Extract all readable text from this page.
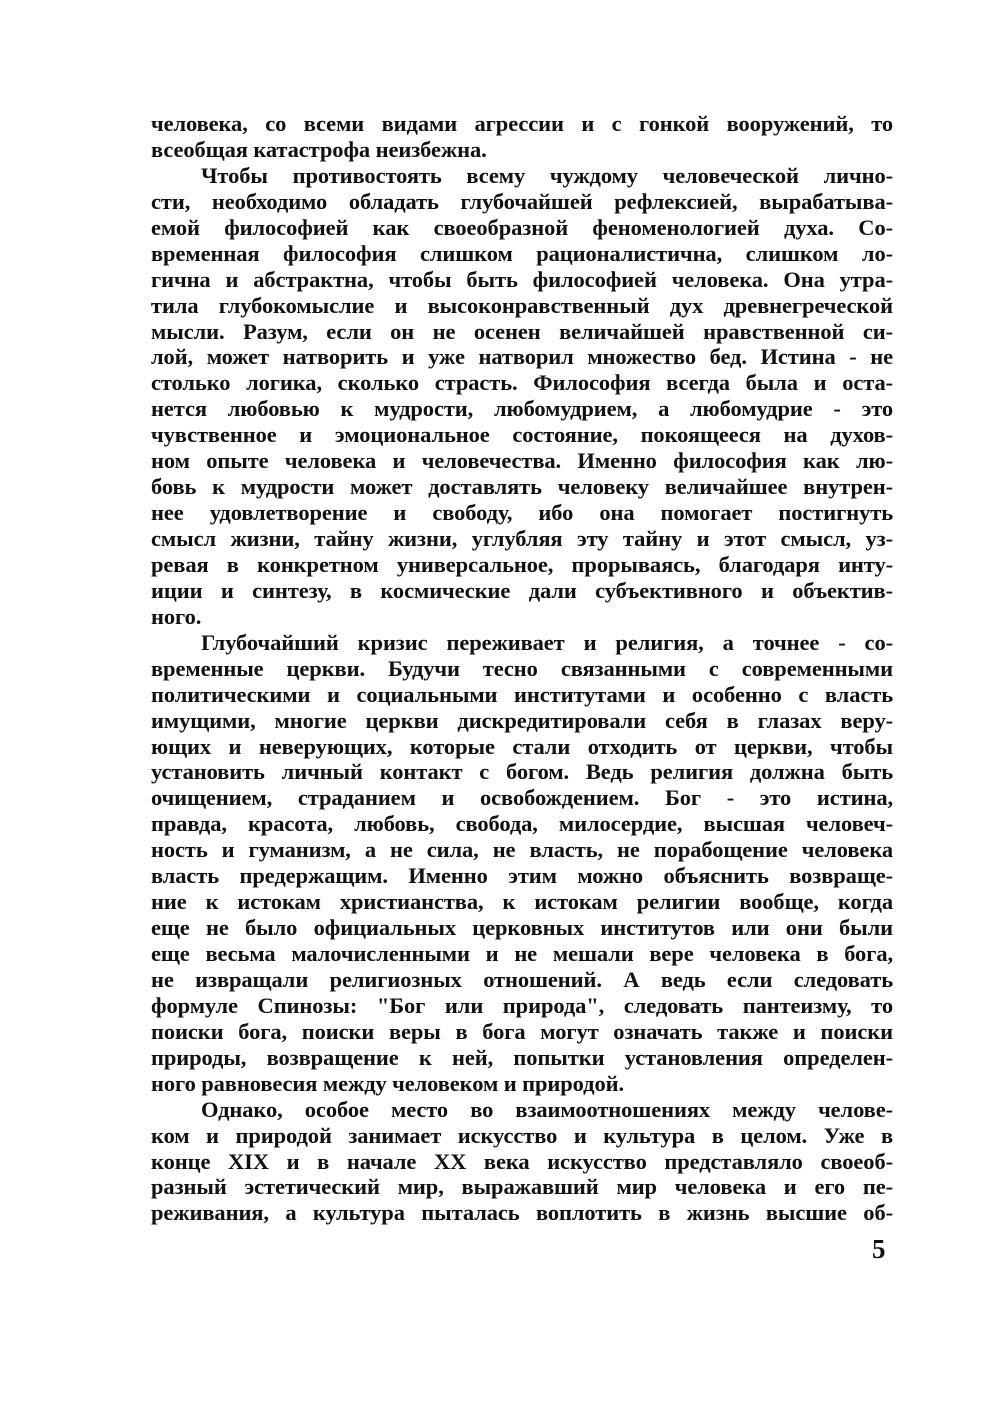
человека, со всеми видами агрессии и с гонкой вооружений, то
всеобщая катастрофа неизбежна.
Чтобы противостоять всему чуждому человеческой лично-
сти, необходимо обладать глубочайшей рефлексией, вырабатыва-
емой философией как своеобразной феноменологией духа. Со-
временная философия слишком рационалистична, слишком ло-
гична и абстрактна, чтобы быть философией человека. Она утра-
тила глубокомыслие и высоконравственный дух древнегреческой
мысли. Разум, если он не осенен величайшей нравственной си-
лой, может натворить и уже натворил множество бед. Истина - не
столько логика, сколько страсть. Философия всегда была и оста-
нется любовью к мудрости, любомудрием, а любомудрие - это
чувственное и эмоциональное состояние, покоящееся на духов-
ном опыте человека и человечества. Именно философия как лю-
бовь к мудрости может доставлять человеку величайшее внутрен-
нее удовлетворение и свободу, ибо она помогает постигнуть
смысл жизни, тайну жизни, углубляя эту тайну и этот смысл, уз-
ревая в конкретном универсальное, прорываясь, благодаря инту-
иции и синтезу, в космические дали субъективного и объектив-
ного.
Глубочайший кризис переживает и религия, а точнее - со-
временные церкви. Будучи тесно связанными с современными
политическими и социальными институтами и особенно с власть
имущими, многие церкви дискредитировали себя в глазах веру-
ющих и неверующих, которые стали отходить от церкви, чтобы
установить личный контакт с богом. Ведь религия должна быть
очищением, страданием и освобождением. Бог - это истина,
правда, красота, любовь, свобода, милосердие, высшая человеч-
ность и гуманизм, а не сила, не власть, не порабощение человека
власть предержащим. Именно этим можно объяснить возвраще-
ние к истокам христианства, к истокам религии вообще, когда
еще не было официальных церковных институтов или они были
еще весьма малочисленными и не мешали вере человека в бога,
не извращали религиозных отношений. А ведь если следовать
формуле Спинозы: "Бог или природа", следовать пантеизму, то
поиски бога, поиски веры в бога могут означать также и поиски
природы, возвращение к ней, попытки установления определен-
ного равновесия между человеком и природой.
Однако, особое место во взаимоотношениях между челове-
ком и природой занимает искусство и культура в целом. Уже в
конце XIX и в начале XX века искусство представляло своеоб-
разный эстетический мир, выражавший мир человека и его пе-
реживания, а культура пыталась воплотить в жизнь высшие об-
5
